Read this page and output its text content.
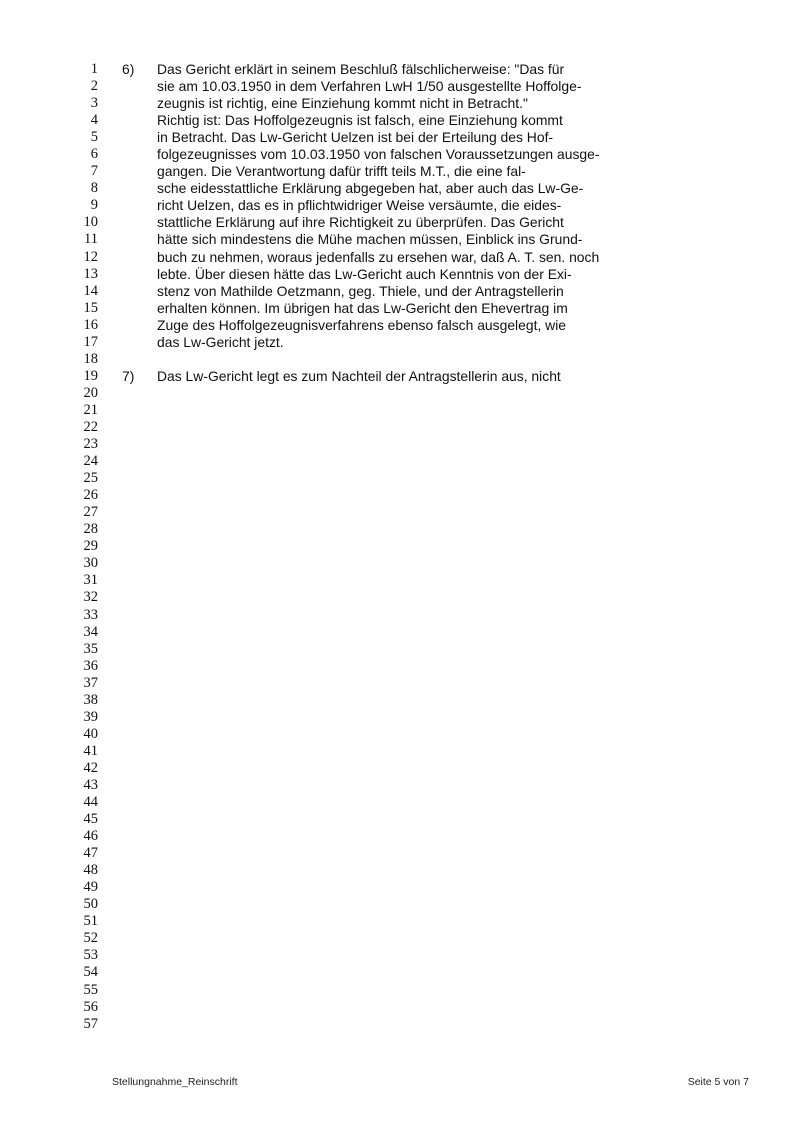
1
2
3
4
5
6
7
8
9
10
11
12
13
14
15
16
17
18
19
20
21
22
23
24
25
26
27
28
29
30
31
32
33
34
35
36
37
38
39
40
41
42
43
44
45
46
47
48
49
50
51
52
53
54
55
56
57
6) Das Gericht erklärt in seinem Beschluß fälschlicherweise: "Das für
sie am 10.03.1950 in dem Verfahren LwH 1/50 ausgestellte Hoffolge-
zeugnis ist richtig, eine Einziehung kommt nicht in Betracht."
Richtig ist: Das Hoffolgezeugnis ist falsch, eine Einziehung kommt
in Betracht. Das Lw-Gericht Uelzen ist bei der Erteilung des Hof-
folgezeugnisses vom 10.03.1950 von falschen Voraussetzungen ausge-
gangen. Die Verantwortung dafür trifft teils M.T., die eine fal-
sche eidesstattliche Erklärung abgegeben hat, aber auch das Lw-Ge-
richt Uelzen, das es in pflichtwidriger Weise versäumte, die eides-
stattliche Erklärung auf ihre Richtigkeit zu überprüfen. Das Gericht
hätte sich mindestens die Mühe machen müssen, Einblick ins Grund-
buch zu nehmen, woraus jedenfalls zu ersehen war, daß A. T. sen. noch
lebte. Über diesen hätte das Lw-Gericht auch Kenntnis von der Exi-
stenz von Mathilde Oetzmann, geg. Thiele, und der Antragstellerin
erhalten können. Im übrigen hat das Lw-Gericht den Ehevertrag im
Zuge des Hoffolgezeugnisverfahrens ebenso falsch ausgelegt, wie
das Lw-Gericht jetzt.
7) Das Lw-Gericht legt es zum Nachteil der Antragstellerin aus, nicht
Stellungnahme_Reinschrift	Seite 5 von 7
